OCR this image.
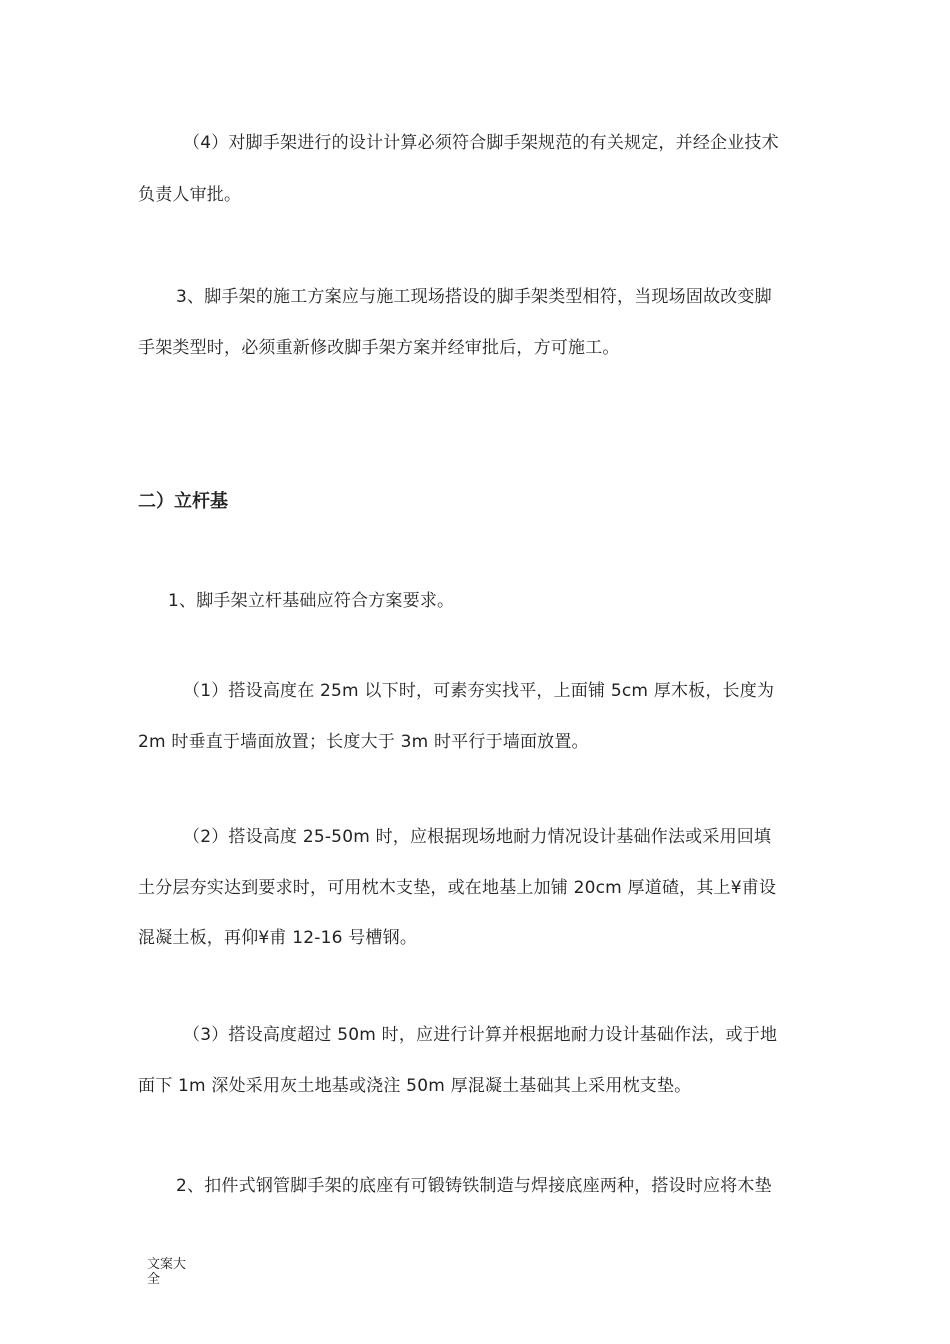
（4）对脚手架进行的设计计算必须符合脚手架规范的有关规定，并经企业技术
负责人审批。
3、脚手架的施工方案应与施工现场搭设的脚手架类型相符，当现场固故改变脚
手架类型时，必须重新修改脚手架方案并经审批后，方可施工。
二）立杆基
1、脚手架立杆基础应符合方案要求。
（1）搭设高度在 25m 以下时，可素夯实找平，上面铺 5cm 厚木板，长度为
2m 时垂直于墙面放置；长度大于 3m 时平行于墙面放置。
（2）搭设高度 25-50m 时，应根据现场地耐力情况设计基础作法或采用回填
土分层夯实达到要求时，可用枕木支垫，或在地基上加铺 20cm 厚道碴，其上¥甫设
混凝土板，再仰¥甫 12-16 号槽钢。
（3）搭设高度超过 50m 时，应进行计算并根据地耐力设计基础作法，或于地
面下 1m 深处采用灰土地基或浇注 50m 厚混凝土基础其上采用枕支垫。
2、扣件式钢管脚手架的底座有可锻铸铁制造与焊接底座两种，搭设时应将木垫
文案大
全
